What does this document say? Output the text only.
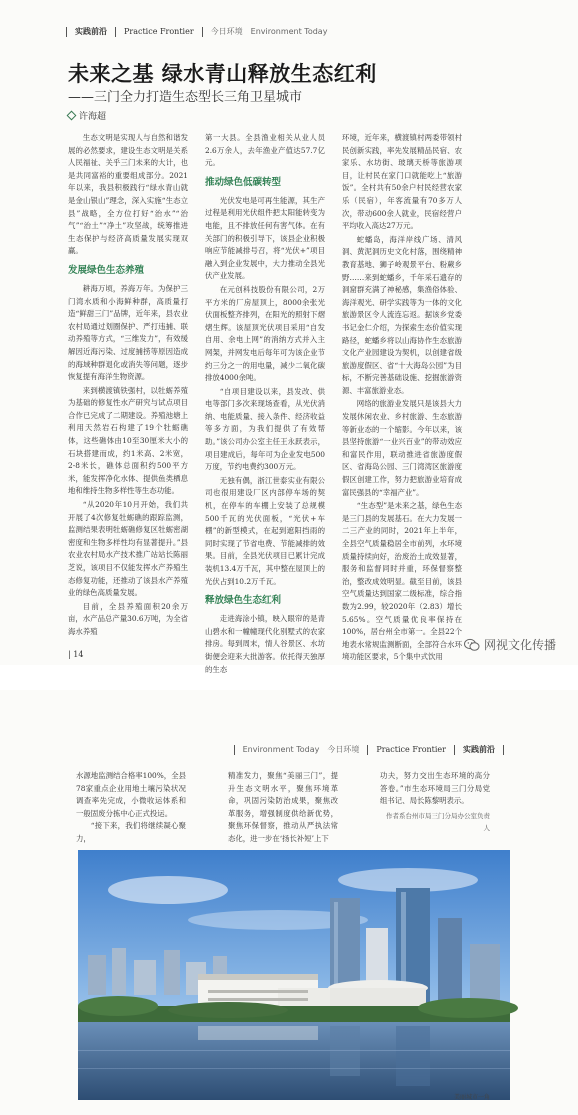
实践前沿 Practice Frontier 今日环境 Environment Today
未来之基 绿水青山释放生态红利
——三门全力打造生态型长三角卫星城市
许海超

生态文明是实现人与自然和谐发展的必然要求，建设生态文明是关系人民福祉、关乎三门未来的大计，也是共同富裕的重要组成部分。2021年以来，我县积极践行“绿水青山就是金山银山”理念，深入实施“生态立县”战略，全方位打好“治水”“治气”“治土”“净土”攻坚战，统筹推进生态保护与经济高质量发展实现双赢。

发展绿色生态养殖

耕海万顷，养海万年。为保护三门湾水质和小海鲜种群，高质量打造“鲜甜三门”品牌，近年来，县农业农村局通过划圈保护、严打违捕、联动养殖等方式，“三维发力”，有效缓解因近海污染、过度捕捞等原因造成的海域种群退化或消失等问题，逐步恢复提有海洋生物资源。

来到横渡镇铁强村，以牡蛎养殖为基础的修复性水产研究与试点项目合作已完成了二期建设。养殖池塘上利用天然岩石构建了19个牡蛎礁体，这些礁体由10至30厘米大小的石块搭建而成，约1米高、2米宽，2-8米长，礁体总面积约500平方米，能发挥净化水体、提供鱼类栖息地和维持生物多样性等生态功能。

“从2020年10月开始，我们共开展了4次修复牡蛎礁的跟踪监测，监测结果表明牡蛎礁修复区牡蛎密湖密度和生物多样性均有显著提升。”县农业农村局水产技术推广站站长陈丽芝说，该项目不仅能发挥水产养殖生态修复功能，还推动了该县水产养殖业的绿色高质量发展。

目前，全县养殖面积20余万亩，水产品总产量30.6万吨，为全省海水养殖

第一大县。全县渔业相关从业人员2.6万余人，去年渔业产值达57.7亿元。

推动绿色低碳转型

光伏发电是可再生能源，其生产过程是利用光伏组件把太阳能转变为电能，且不排放任何有害气体。在有关部门的积极引导下，该县企业积极响应节能减排号召，将“光伏+”项目融入到企业发展中，大力推动全县光伏产业发展。

在元创科技股份有限公司，2万平方米的厂房屋顶上，8000余张光伏面板整齐排列，在阳光的照射下熠熠生辉。该屋顶光伏项目采用“自发自用、余电上网”的消纳方式并入主网架，并网发电后每年可为该企业节约三分之一的用电量，减少二氧化碳排放4000余吨。

“自项目建设以来，县发改、供电等部门多次来现场查看，从光伏消纳、电能质量、接入条件、经济收益等多方面，为我们提供了有效帮助。”该公司办公室主任王永跃表示，项目建成后，每年可为企业发电500万度，节约电费约300万元。

无独有偶，浙江世泰实业有限公司也很用建设厂区内部停车场的契机，在停车的车棚上安装了总规模500千瓦的光伏面板，“光伏+车棚”的新型模式，在起到遮阳挡雨的同时实现了节省电费、节能减排的效果。目前，全县光伏项目已累计完成装机13.4万千瓦，其中整在屋顶上的光伏占到10.2万千瓦。

释放绿色生态红利

走进海涂小镇，映入眼帘的是青山碧水和一幢幢现代化别墅式的农家排房。每到周末，情人谷景区、水坊街便会迎来大批游客。依托得天独厚的生态

环境，近年来，横渡镇村两委带领村民创新实践，率先发展精品民宿、农家乐、水坊街、玻璃天桥等旅游项目，让村民在家门口就能吃上“旅游饭”。全村共有50余户村民经营农家乐（民宿），年客流量有70多万人次，带动600余人就业，民宿经营户平均收入高达27万元。

蛇蟠岛，海洋岸线广场、清风洞、黄泥洞历史文化村落，围绕精神教育基地、狮子岭观景平台、粉蕨乡野……来到蛇蟠乡，千年采石遗存的洞窟群充满了神秘感，集渔俗体验、海洋观光、研学实践等为一体的文化旅游景区令人流连忘返。据该乡党委书记金仁介绍，为探索生态价值实现路径，蛇蟠乡将以山海协作生态旅游文化产业园建设为契机，以创建省级旅游度假区、省“十大海岛公园”为目标，不断完善基础设施、挖掘旅游资源、丰富旅游业态。

网络的旅游业发展只是该县大力发展休闲农业、乡村旅游、生态旅游等新业态的一个缩影。今年以来，该县坚持旅游“一业兴百业”的带动效应和富民作用，联动推进省旅游度假区、省海岛公园、三门湾湾区旅游度假区创建工作，努力把旅游业培育成富民强县的“幸福产业”。

“生态型”是未来之基，绿色生态是三门县的发展基石。在大力发展一二三产业的同时，2021年上半年，全县空气质量稳居全市前列，水环境质量持续向好，治废治土成效显著，服务和监督同时并重，环保督察整治，整改成效明显。截至目前，该县空气质量达到国家二级标准，综合指数为2.99，较2020年（2.83）增长5.65%。空气质量优良率保持在100%，居台州全市第一。全县22个地表水常规监测断面，全部符合水环境功能区要求，5个集中式饮用

| 14
网视文化传播
Environment Today 今日环境 Practice Frontier 实践前沿

水源地监测结合格率100%，全县78家重点企业用地土壤污染状况调查率先完成，小微收运体系和一般固废分拣中心正式投运。

“接下来，我们将继续凝心聚力，

精准发力，聚焦“美丽三门”，提升生态文明水平，聚焦环境革命，巩固污染防治成果，聚焦改革服务，增强制度供给新优势，聚焦环保督察，推动从严执法常态化，进一步在‘扬长补短’上下

功夫，努力交出生态环境的高分答卷。”市生态环境局三门分局党组书记、局长陈黎明表示。

作者系台州市局三门分局办公室负责人

美丽城市一角
